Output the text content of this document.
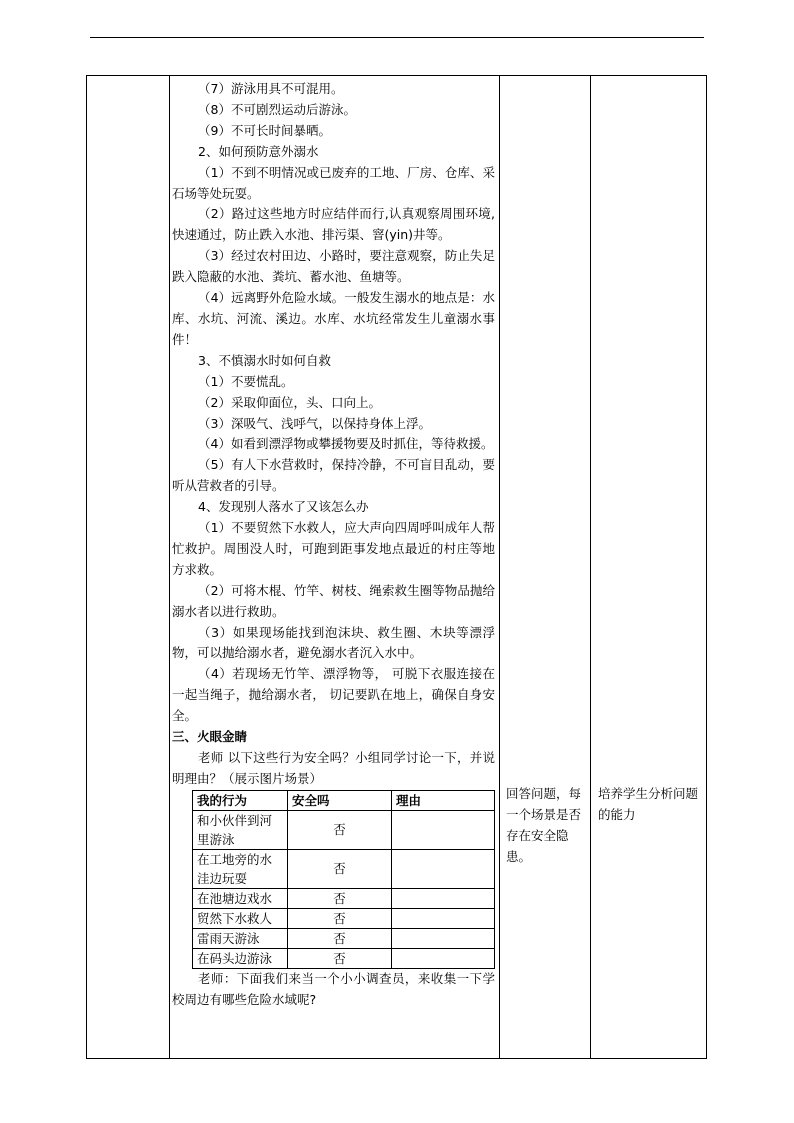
（7）游泳用具不可混用。

（8）不可剧烈运动后游泳。

（9）不可长时间暴晒。

2、如何预防意外溺水

（1）不到不明情况或已废弃的工地、厂房、仓库、采石场等处玩耍。

（2）路过这些地方时应结伴而行,认真观察周围环境,快速通过，防止跌入水池、排污渠、窨(yin)井等。

（3）经过农村田边、小路时，要注意观察，防止失足跌入隐蔽的水池、粪坑、蓄水池、鱼塘等。

（4）远离野外危险水域。一般发生溺水的地点是：水库、水坑、河流、溪边。水库、水坑经常发生儿童溺水事件！

3、不慎溺水时如何自救

（1）不要慌乱。

（2）采取仰面位，头、口向上。

（3）深吸气、浅呼气，以保持身体上浮。

（4）如看到漂浮物或攀援物要及时抓住，等待救援。

（5）有人下水营救时，保持冷静，不可盲目乱动，要听从营救者的引导。

4、发现别人落水了又该怎么办

（1）不要贸然下水救人，应大声向四周呼叫成年人帮忙救护。周围没人时，可跑到距事发地点最近的村庄等地方求救。

（2）可将木棍、竹竿、树枝、绳索救生圈等物品抛给溺水者以进行救助。

（3）如果现场能找到泡沫块、救生圈、木块等漂浮物，可以抛给溺水者，避免溺水者沉入水中。

（4）若现场无竹竿、漂浮物等， 可脱下衣服连接在一起当绳子，抛给溺水者， 切记要趴在地上，确保自身安全。

三、火眼金睛

老师 以下这些行为安全吗？小组同学讨论一下，并说明理由？（展示图片场景）

我的行为	安全吗	理由
和小伙伴到河里游泳	否	
在工地旁的水洼边玩耍	否	
在池塘边戏水	否	
贸然下水救人	否	
雷雨天游泳	否	
在码头边游泳	否	

老师：下面我们来当一个小小调查员，来收集一下学校周边有哪些危险水域呢?

回答问题，每一个场景是否存在安全隐患。
培养学生分析问题的能力
